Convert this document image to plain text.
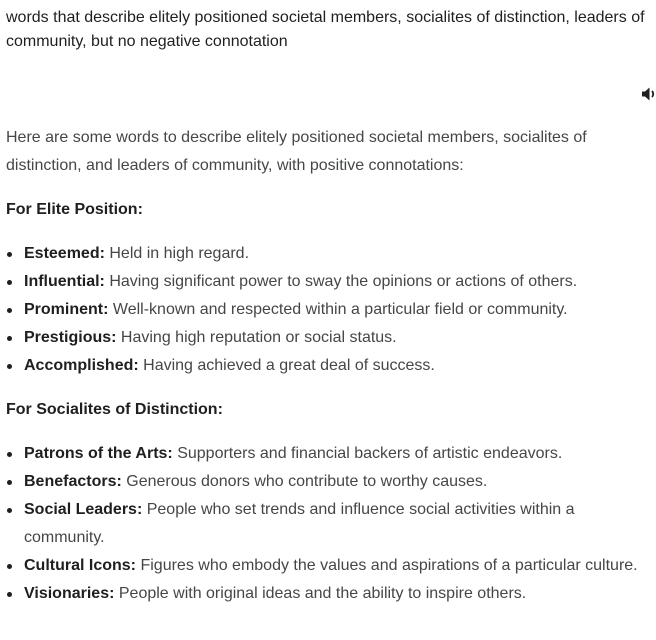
words that describe elitely positioned societal members, socialites of distinction, leaders of community, but no negative connotation

Here are some words to describe elitely positioned societal members, socialites of distinction, and leaders of community, with positive connotations:

For Elite Position:

Esteemed: Held in high regard.
Influential: Having significant power to sway the opinions or actions of others.
Prominent: Well-known and respected within a particular field or community.
Prestigious: Having high reputation or social status.
Accomplished: Having achieved a great deal of success.

For Socialites of Distinction:

Patrons of the Arts: Supporters and financial backers of artistic endeavors.
Benefactors: Generous donors who contribute to worthy causes.
Social Leaders: People who set trends and influence social activities within a community.
Cultural Icons: Figures who embody the values and aspirations of a particular culture.
Visionaries: People with original ideas and the ability to inspire others.
